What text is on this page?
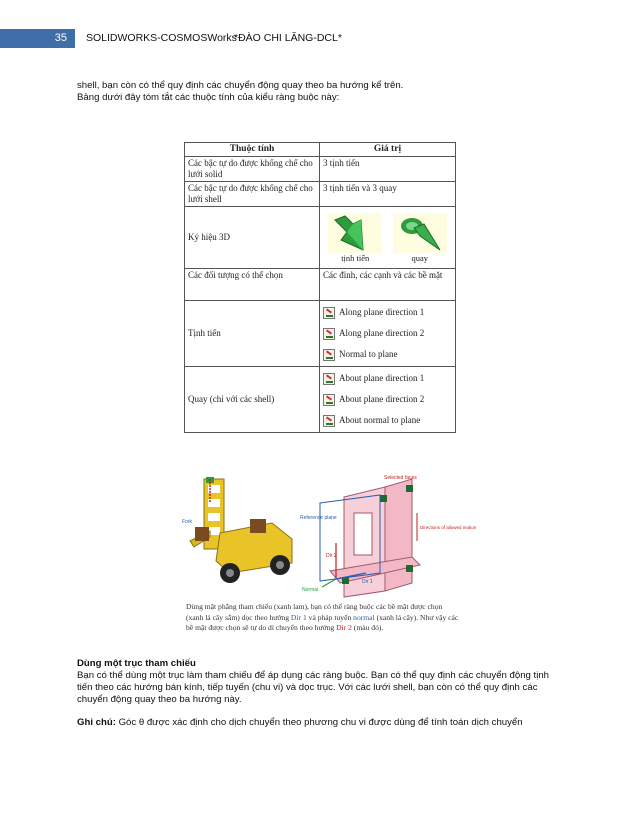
35	SOLIDWORKS-COSMOSWorks
*ĐÀO CHI LĂNG-DCL*
shell, bạn còn có thể quy định các chuyển động quay theo ba hướng kể trên.
Bảng dưới đây tóm tắt các thuộc tính của kiểu ràng buộc này:
Thuộc tính	Giá trị
Các bậc tự do được khống chế cho lưới solid	3 tịnh tiến
Các bậc tự do được khống chế cho lưới shell	3 tịnh tiến và 3 quay
Ký hiệu 3D	tịnh tiến quay

Các đối tượng có thể chọn	Các đỉnh, các cạnh và các bề mặt
Tịnh tiến	Along plane direction 1
Along plane direction 2
Normal to plane

Quay (chỉ với các shell)	About plane direction 1
About plane direction 2
About normal to plane
Fork
Selected faces
Reference plane
Directions of allowed motion
Dir 1
Dir 2
Normal
Dùng mặt phẳng tham chiếu (xanh lam), bạn có thể ràng buộc các bề mặt được chọn (xanh lá cây sẫm) dọc theo hướng Dir 1 và pháp tuyến normal (xanh lá cây). Như vậy các bề mặt được chọn sẽ tự do di chuyển theo hướng Dir 2 (màu đỏ).
Dùng một trục tham chiếu
Bạn có thể dùng một trục làm tham chiếu để áp dụng các ràng buộc. Bạn có thể quy định các chuyển động tịnh tiến theo các hướng bán kính, tiếp tuyến (chu vi) và dọc trục. Với các lưới shell, bạn còn có thể quy định các chuyển động quay theo ba hướng này.
Ghi chú: Góc θ được xác định cho dịch chuyển theo phương chu vi được dùng để tính toán dịch chuyển
